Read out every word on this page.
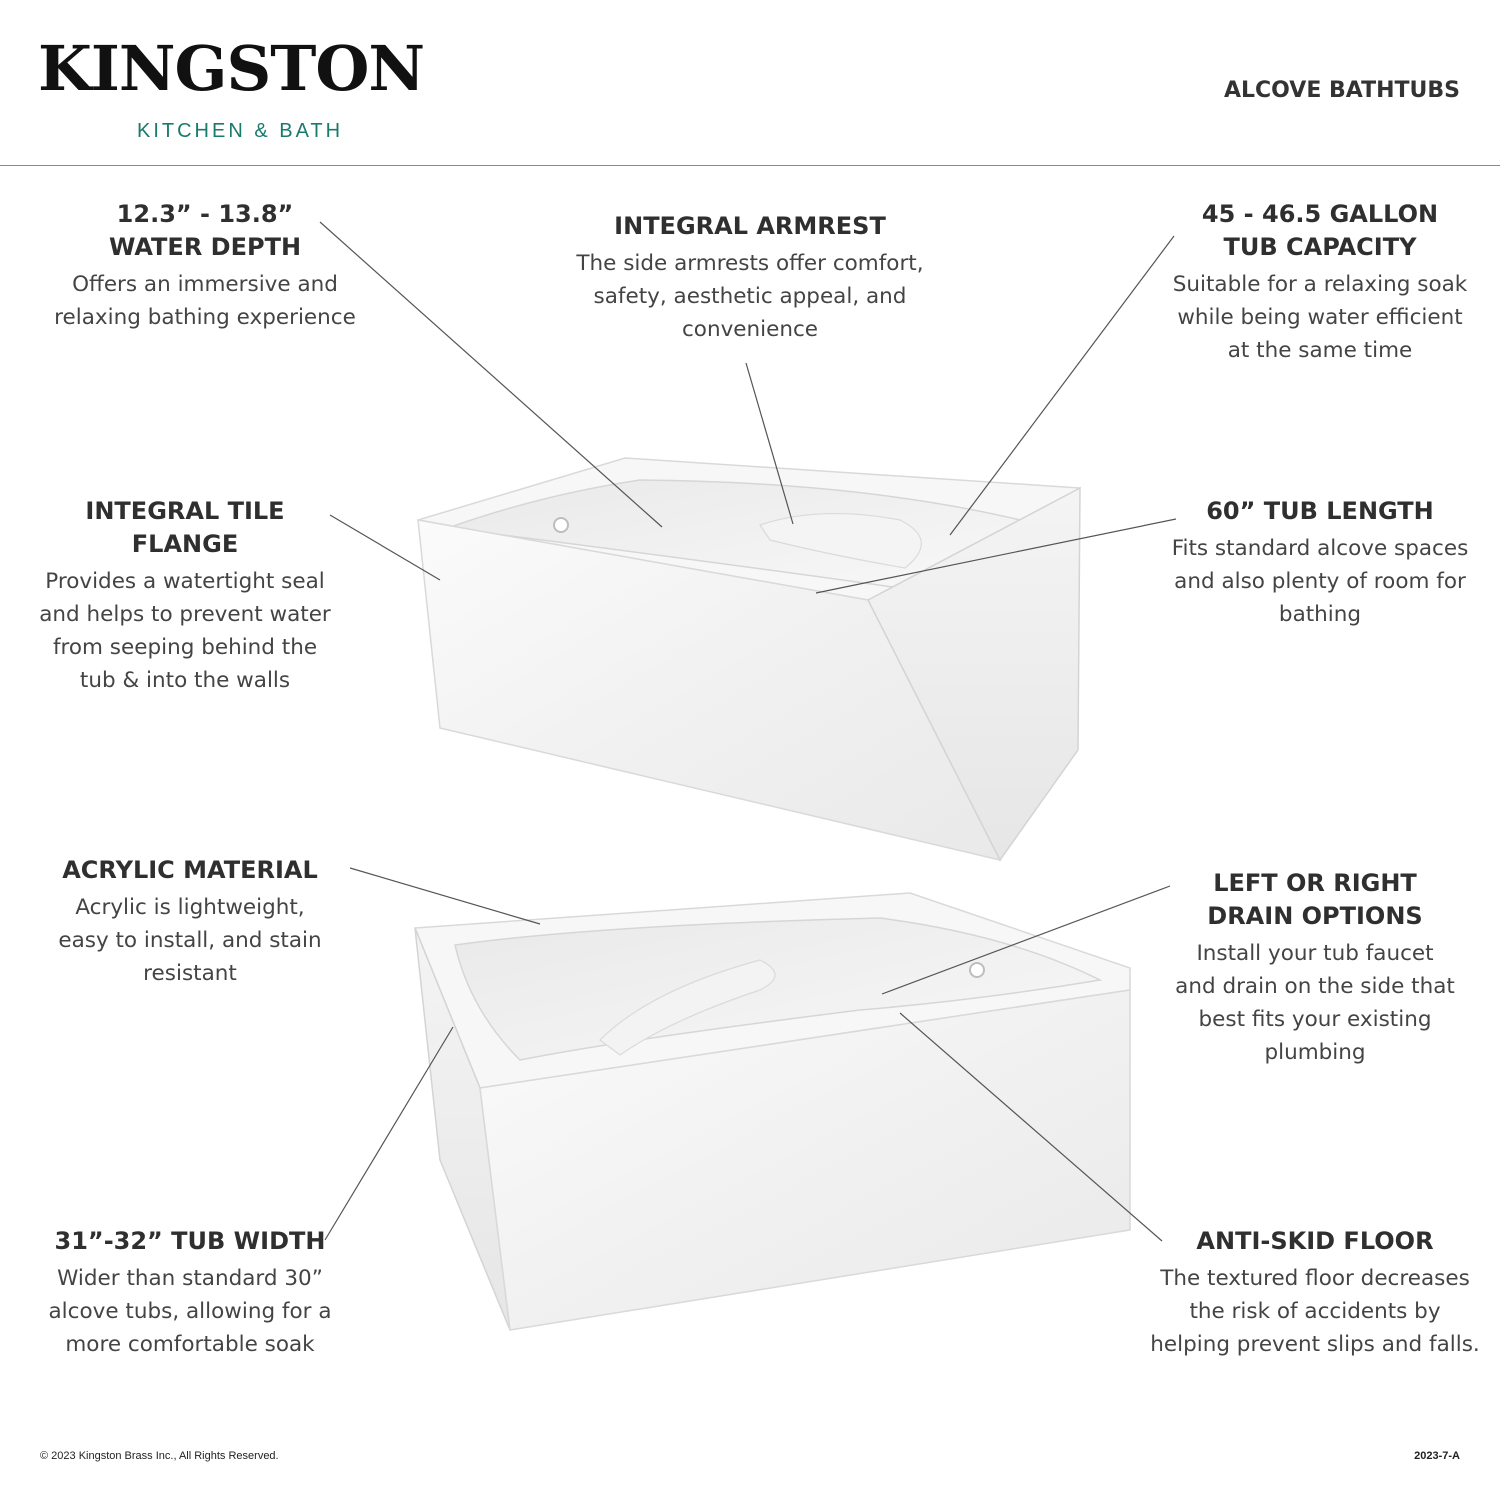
KINGSTON
KITCHEN & BATH
ALCOVE BATHTUBS
12.3” - 13.8”
WATER DEPTH
Offers an immersive and
relaxing bathing experience
INTEGRAL ARMREST
The side armrests offer comfort,
safety, aesthetic appeal, and
convenience
45 - 46.5 GALLON
TUB CAPACITY
Suitable for a relaxing soak
while being water efficient
at the same time
INTEGRAL TILE
FLANGE
Provides a watertight seal
and helps to prevent water
from seeping behind the
tub & into the walls
60” TUB LENGTH
Fits standard alcove spaces
and also plenty of room for
bathing
ACRYLIC MATERIAL
Acrylic is lightweight,
easy to install, and stain
resistant
LEFT OR RIGHT
DRAIN OPTIONS
Install your tub faucet
and drain on the side that
best fits your existing
plumbing
31”-32” TUB WIDTH
Wider than standard 30”
alcove tubs, allowing for a
more comfortable soak
ANTI-SKID FLOOR
The textured floor decreases
the risk of accidents by
helping prevent slips and falls.
© 2023 Kingston Brass Inc., All Rights Reserved.	2023-7-A
